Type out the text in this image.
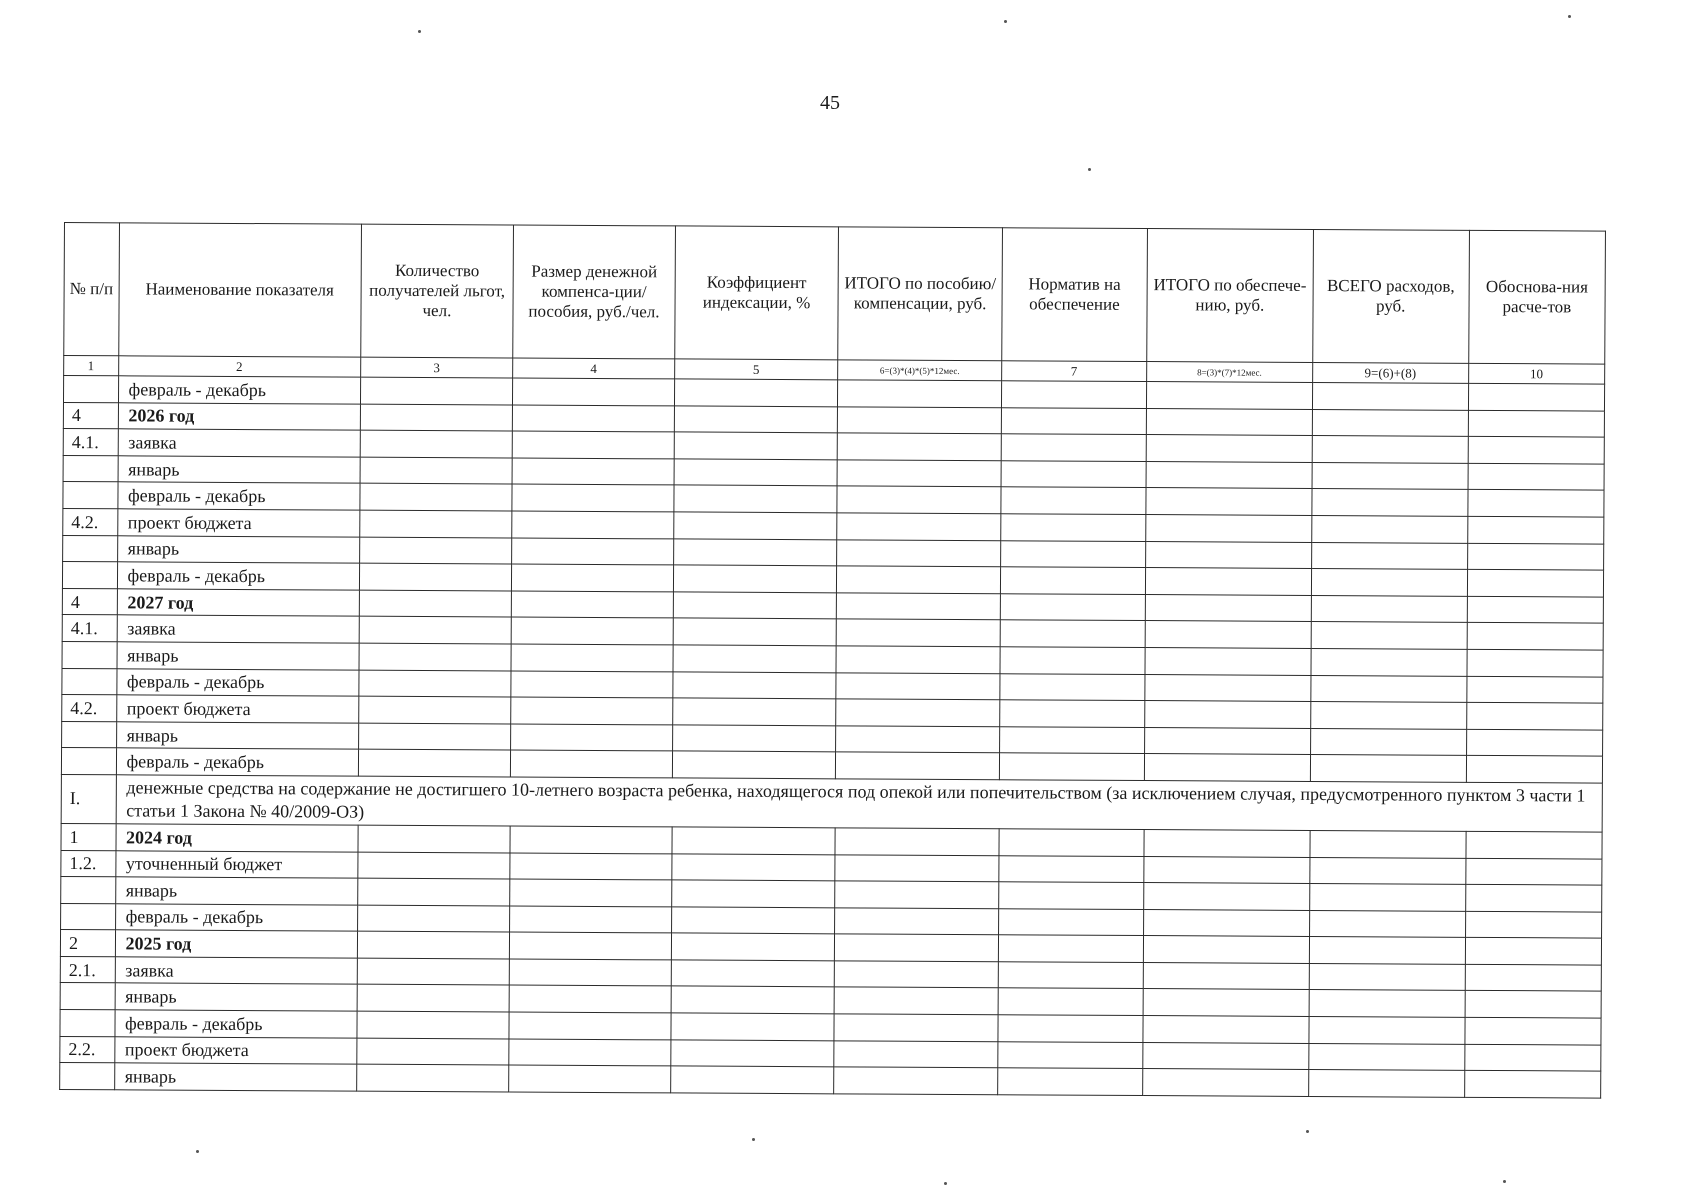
45
№ п/п	Наименование показателя	Количество получателей льгот, чел.	Размер денежной компенса-ции/пособия, руб./чел.	Коэффициент индексации, %	ИТОГО по пособию/ компенсации, руб.	Норматив на обеспечение	ИТОГО по обеспече-нию, руб.	ВСЕГО расходов, руб.	Обоснова-ния расче-тов
1	2	3	4	5	6=(3)*(4)*(5)*12мес.	7	8=(3)*(7)*12мес.	9=(6)+(8)	10
	февраль - декабрь								
4	2026 год								
4.1.	заявка								
	январь								
	февраль - декабрь								
4.2.	проект бюджета								
	январь								
	февраль - декабрь								
4	2027 год								
4.1.	заявка								
	январь								
	февраль - декабрь								
4.2.	проект бюджета								
	январь								
	февраль - декабрь								
I.	денежные средства на содержание не достигшего 10-летнего возраста ребенка, находящегося под опекой или попечительством (за исключением случая, предусмотренного пунктом 3 части 1 статьи 1 Закона № 40/2009-ОЗ)								
1	2024 год								
1.2.	уточненный бюджет								
	январь								
	февраль - декабрь								
2	2025 год								
2.1.	заявка								
	январь								
	февраль - декабрь								
2.2.	проект бюджета								
	январь								
